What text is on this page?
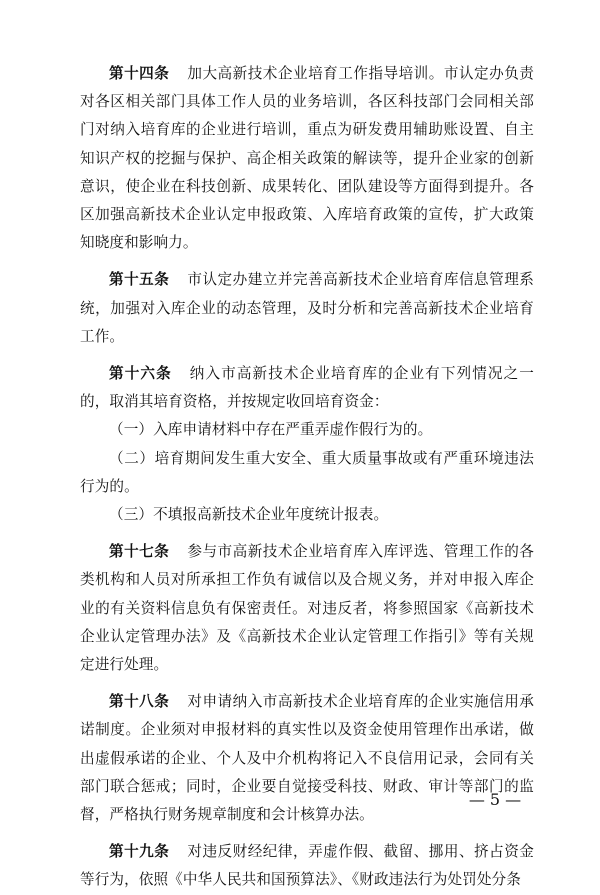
第十四条 加大高新技术企业培育工作指导培训。市认定办负责对各区相关部门具体工作人员的业务培训，各区科技部门会同相关部门对纳入培育库的企业进行培训，重点为研发费用辅助账设置、自主知识产权的挖掘与保护、高企相关政策的解读等，提升企业家的创新意识，使企业在科技创新、成果转化、团队建设等方面得到提升。各区加强高新技术企业认定申报政策、入库培育政策的宣传，扩大政策知晓度和影响力。

第十五条 市认定办建立并完善高新技术企业培育库信息管理系统，加强对入库企业的动态管理，及时分析和完善高新技术企业培育工作。

第十六条 纳入市高新技术企业培育库的企业有下列情况之一的，取消其培育资格，并按规定收回培育资金：

（一）入库申请材料中存在严重弄虚作假行为的。

（二）培育期间发生重大安全、重大质量事故或有严重环境违法行为的。

（三）不填报高新技术企业年度统计报表。

第十七条 参与市高新技术企业培育库入库评选、管理工作的各类机构和人员对所承担工作负有诚信以及合规义务，并对申报入库企业的有关资料信息负有保密责任。对违反者，将参照国家《高新技术企业认定管理办法》及《高新技术企业认定管理工作指引》等有关规定进行处理。

第十八条 对申请纳入市高新技术企业培育库的企业实施信用承诺制度。企业须对申报材料的真实性以及资金使用管理作出承诺，做出虚假承诺的企业、个人及中介机构将记入不良信用记录，会同有关部门联合惩戒；同时，企业要自觉接受科技、财政、审计等部门的监督，严格执行财务规章制度和会计核算办法。

第十九条 对违反财经纪律，弄虚作假、截留、挪用、挤占资金等行为，依照《中华人民共和国预算法》、《财政违法行为处罚处分条

— 5 —
